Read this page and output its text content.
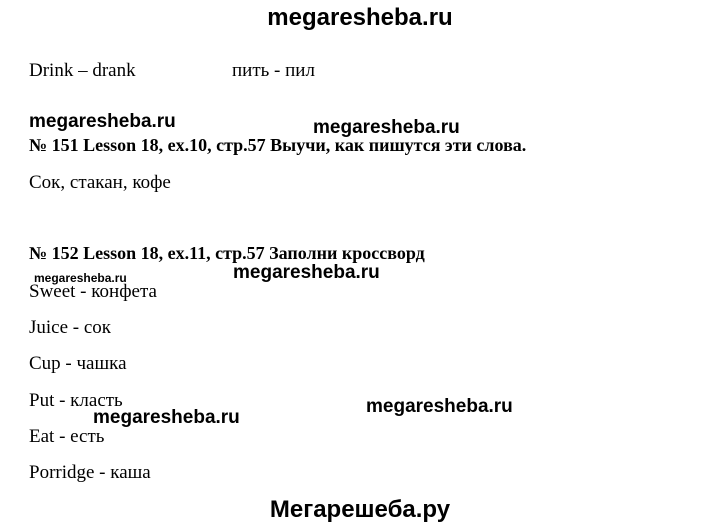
megaresheba.ru
Drink – drank	пить - пил
megaresheba.ru	megaresheba.ru
№ 151 Lesson 18, ex.10, стр.57 Выучи, как пишутся эти слова.
Сок, стакан, кофе
№ 152 Lesson 18, ex.11, стр.57 Заполни кроссворд
megaresheba.ru	megaresheba.ru
Sweet - конфета
Juice - сок
Cup - чашка
Put - класть
megaresheba.ru
megaresheba.ru
Eat - есть
Porridge - каша
Мегарешеба.ру
